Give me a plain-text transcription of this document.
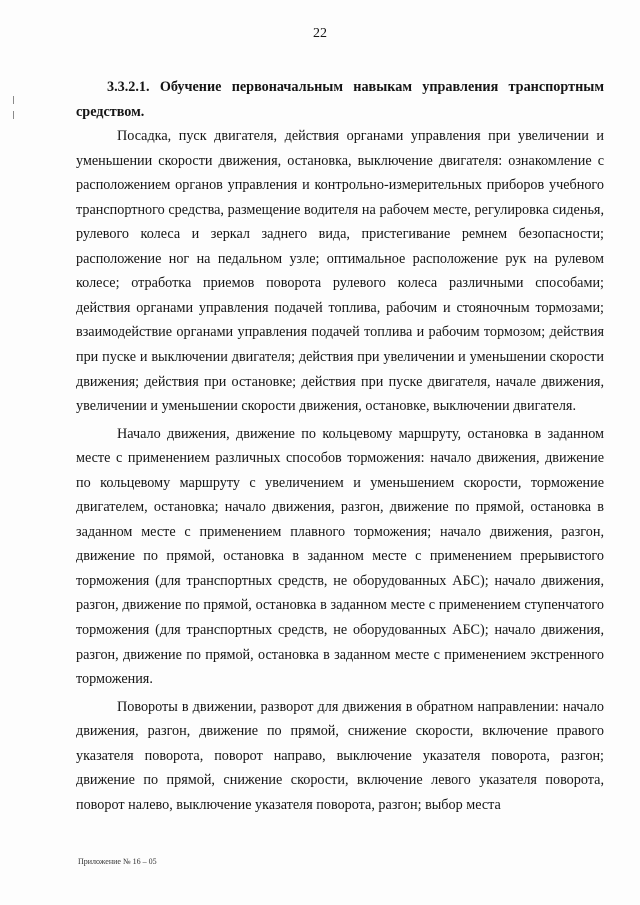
22

3.3.2.1. Обучение первоначальным навыкам управления транспортным средством.

Посадка, пуск двигателя, действия органами управления при увеличении и уменьшении скорости движения, остановка, выключение двигателя: ознакомление с расположением органов управления и контрольно-измерительных приборов учебного транспортного средства, размещение водителя на рабочем месте, регулировка сиденья, рулевого колеса и зеркал заднего вида, пристегивание ремнем безопасности; расположение ног на педальном узле; оптимальное расположение рук на рулевом колесе; отработка приемов поворота рулевого колеса различными способами; действия органами управления подачей топлива, рабочим и стояночным тормозами; взаимодействие органами управления подачей топлива и рабочим тормозом; действия при пуске и выключении двигателя; действия при увеличении и уменьшении скорости движения; действия при остановке; действия при пуске двигателя, начале движения, увеличении и уменьшении скорости движения, остановке, выключении двигателя.

Начало движения, движение по кольцевому маршруту, остановка в заданном месте с применением различных способов торможения: начало движения, движение по кольцевому маршруту с увеличением и уменьшением скорости, торможение двигателем, остановка; начало движения, разгон, движение по прямой, остановка в заданном месте с применением плавного торможения; начало движения, разгон, движение по прямой, остановка в заданном месте с применением прерывистого торможения (для транспортных средств, не оборудованных АБС); начало движения, разгон, движение по прямой, остановка в заданном месте с применением ступенчатого торможения (для транспортных средств, не оборудованных АБС); начало движения, разгон, движение по прямой, остановка в заданном месте с применением экстренного торможения.

Повороты в движении, разворот для движения в обратном направлении: начало движения, разгон, движение по прямой, снижение скорости, включение правого указателя поворота, поворот направо, выключение указателя поворота, разгон; движение по прямой, снижение скорости, включение левого указателя поворота, поворот налево, выключение указателя поворота, разгон; выбор места

Приложение № 16 – 05
